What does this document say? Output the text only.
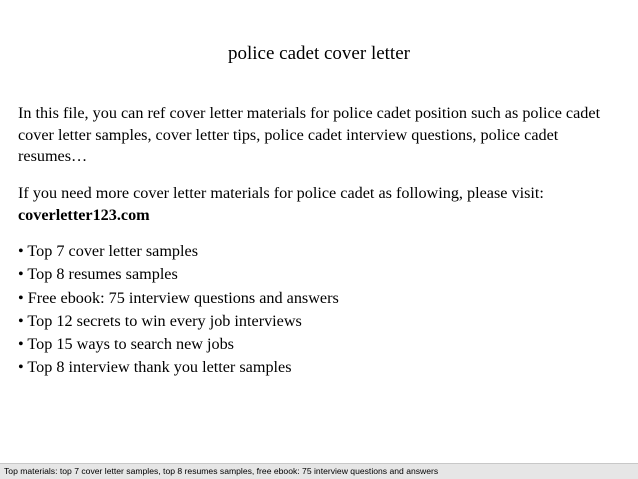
police cadet cover letter

In this file, you can ref cover letter materials for police cadet position such as police cadet cover letter samples, cover letter tips, police cadet interview questions, police cadet resumes…

If you need more cover letter materials for police cadet as following, please visit:
coverletter123.com

• Top 7 cover letter samples
• Top 8 resumes samples
• Free ebook: 75 interview questions and answers
• Top 12 secrets to win every job interviews
• Top 15 ways to search new jobs
• Top 8 interview thank you letter samples
Top materials: top 7 cover letter samples, top 8 resumes samples, free ebook: 75 interview questions and answers
